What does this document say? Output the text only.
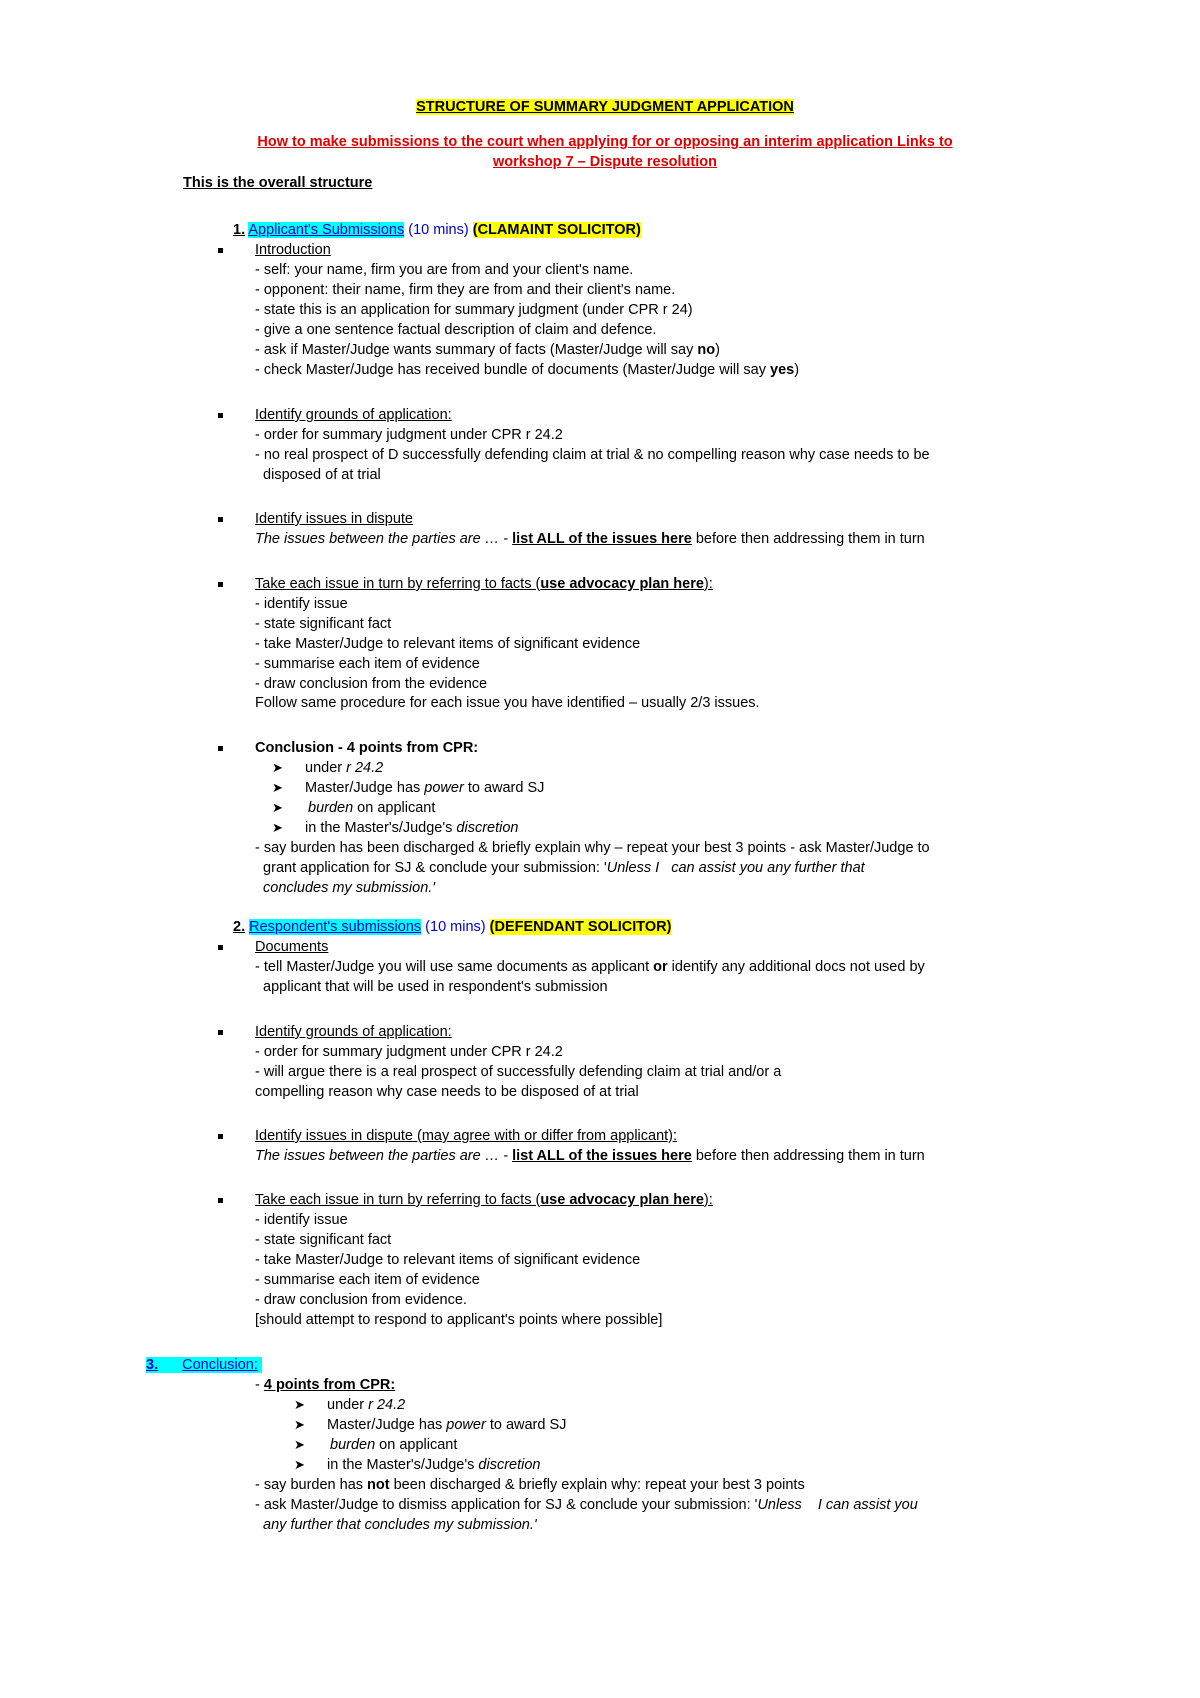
STRUCTURE OF SUMMARY JUDGMENT APPLICATION
How to make submissions to the court when applying for or opposing an interim application Links to
workshop 7 – Dispute resolution
This is the overall structure
1. Applicant's Submissions (10 mins) (CLAMAINT SOLICITOR)
Introduction
- self: your name, firm you are from and your client's name.
- opponent: their name, firm they are from and their client's name.
- state this is an application for summary judgment (under CPR r 24)
- give a one sentence factual description of claim and defence.
- ask if Master/Judge wants summary of facts (Master/Judge will say no)
- check Master/Judge has received bundle of documents (Master/Judge will say yes)
Identify grounds of application:
- order for summary judgment under CPR r 24.2
- no real prospect of D successfully defending claim at trial & no compelling reason why case needs to be
disposed of at trial
Identify issues in dispute
The issues between the parties are … - list ALL of the issues here before then addressing them in turn
Take each issue in turn by referring to facts (use advocacy plan here):
- identify issue
- state significant fact
- take Master/Judge to relevant items of significant evidence
- summarise each item of evidence
- draw conclusion from the evidence
Follow same procedure for each issue you have identified – usually 2/3 issues.
Conclusion - 4 points from CPR:
➤ under r 24.2
➤ Master/Judge has power to award SJ
➤ burden on applicant
➤ in the Master's/Judge's discretion
- say burden has been discharged & briefly explain why – repeat your best 3 points - ask Master/Judge to
grant application for SJ & conclude your submission: 'Unless I   can assist you any further that
concludes my submission.'
2. Respondent's submissions (10 mins) (DEFENDANT SOLICITOR)
Documents
- tell Master/Judge you will use same documents as applicant or identify any additional docs not used by
applicant that will be used in respondent's submission
Identify grounds of application:
- order for summary judgment under CPR r 24.2
- will argue there is a real prospect of successfully defending claim at trial and/or a
compelling reason why case needs to be disposed of at trial
Identify issues in dispute (may agree with or differ from applicant):
The issues between the parties are … - list ALL of the issues here before then addressing them in turn
Take each issue in turn by referring to facts (use advocacy plan here):
- identify issue
- state significant fact
- take Master/Judge to relevant items of significant evidence
- summarise each item of evidence
- draw conclusion from evidence.
[should attempt to respond to applicant's points where possible]
3. Conclusion:
- 4 points from CPR:
➤ under r 24.2
➤ Master/Judge has power to award SJ
➤ burden on applicant
➤ in the Master's/Judge's discretion
- say burden has not been discharged & briefly explain why: repeat your best 3 points
- ask Master/Judge to dismiss application for SJ & conclude your submission: 'Unless    I can assist you
any further that concludes my submission.'
